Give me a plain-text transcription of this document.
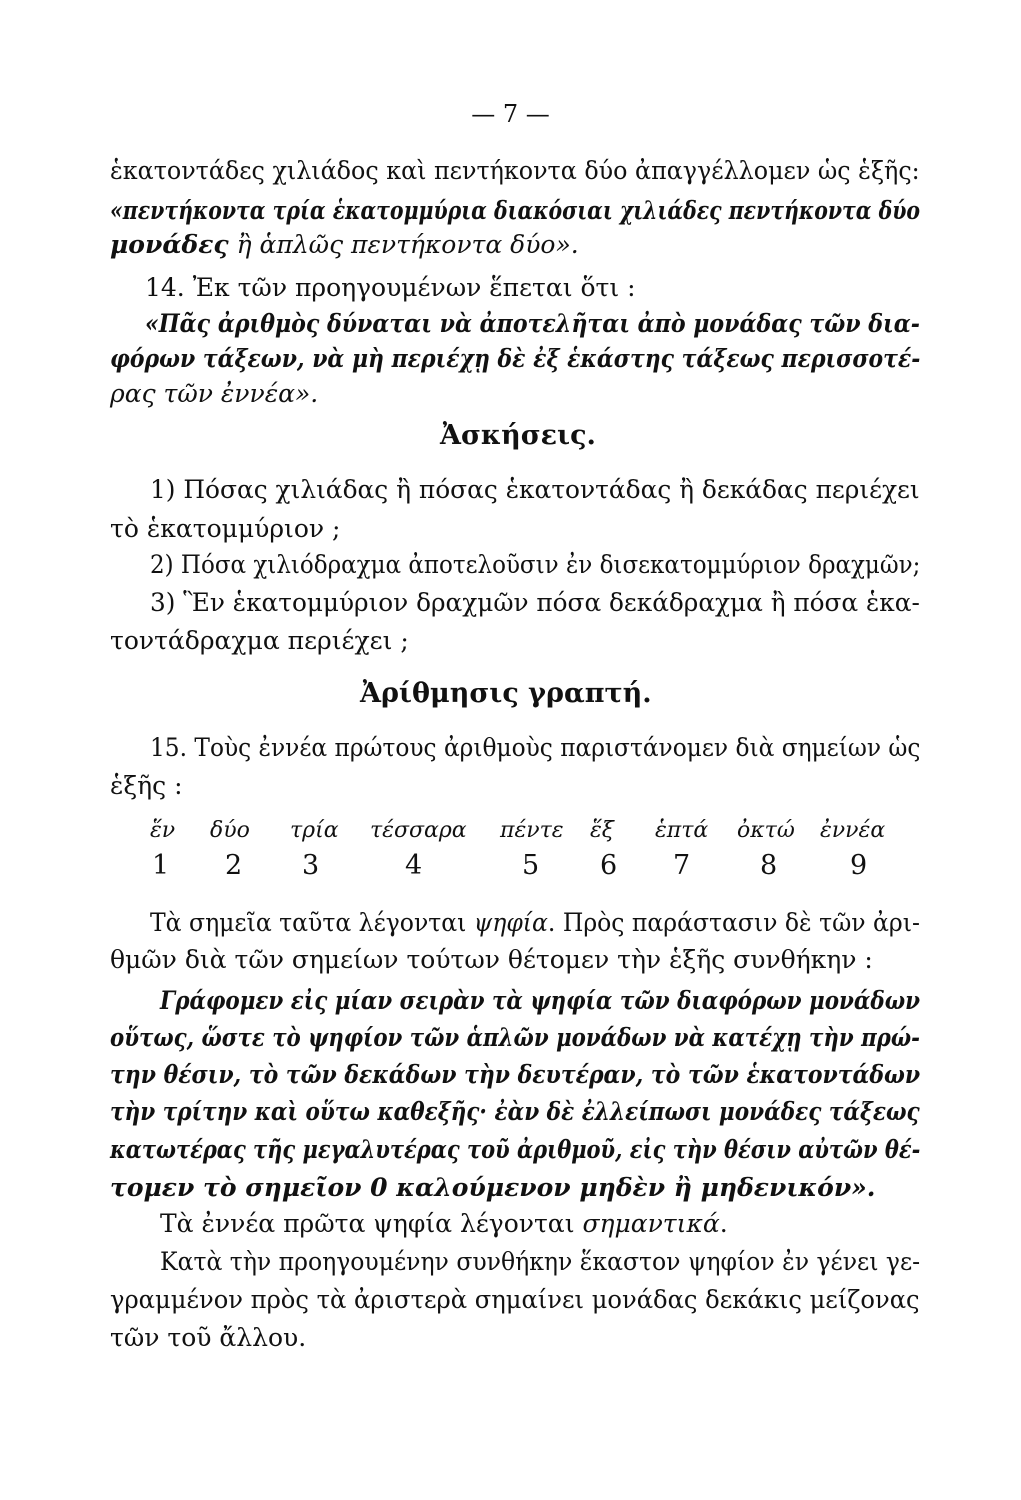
— 7 —
ἑκατοντάδες χιλιάδος καὶ πεντήκοντα δύο ἀπαγγέλλομεν ὡς ἑξῆς:
«πεντήκοντα τρία ἑκατομμύρια διακόσιαι χιλιάδες πεντήκοντα δύο
μονάδες ἢ ἁπλῶς πεντήκοντα δύο».
14. Ἐκ τῶν προηγουμένων ἕπεται ὅτι :
«Πᾶς ἀριθμὸς δύναται νὰ ἀποτελῆται ἀπὸ μονάδας τῶν δια-
φόρων τάξεων, νὰ μὴ περιέχῃ δὲ ἐξ ἑκάστης τάξεως περισσοτέ-
ρας τῶν ἐννέα».
Ἀσκήσεις.
1) Πόσας χιλιάδας ἢ πόσας ἑκατοντάδας ἢ δεκάδας περιέχει
τὸ ἑκατομμύριον ;
2) Πόσα χιλιόδραχμα ἀποτελοῦσιν ἐν δισεκατομμύριον δραχμῶν;
3) Ἓν ἑκατομμύριον δραχμῶν πόσα δεκάδραχμα ἢ πόσα ἑκα-
τοντάδραχμα περιέχει ;
Ἀρίθμησις γραπτή.
15. Τοὺς ἐννέα πρώτους ἀριθμοὺς παριστάνομεν διὰ σημείων ὡς
ἑξῆς :
ἕν δύο τρία τέσσαρα πέντε ἕξ ἑπτά ὀκτώ ἐννέα
1 2 3	4	5 6 7	8	9
Τὰ σημεῖα ταῦτα λέγονται ψηφία. Πρὸς παράστασιν δὲ τῶν ἀρι-
θμῶν διὰ τῶν σημείων τούτων θέτομεν τὴν ἑξῆς συνθήκην :
Γράφομεν εἰς μίαν σειρὰν τὰ ψηφία τῶν διαφόρων μονάδων
οὕτως, ὥστε τὸ ψηφίον τῶν ἁπλῶν μονάδων νὰ κατέχῃ τὴν πρώ-
την θέσιν, τὸ τῶν δεκάδων τὴν δευτέραν, τὸ τῶν ἑκατοντάδων
τὴν τρίτην καὶ οὕτω καθεξῆς· ἐὰν δὲ ἐλλείπωσι μονάδες τάξεως
κατωτέρας τῆς μεγαλυτέρας τοῦ ἀριθμοῦ, εἰς τὴν θέσιν αὐτῶν θέ-
τομεν τὸ σημεῖον 0 καλούμενον μηδὲν ἢ μηδενικόν».
Τὰ ἐννέα πρῶτα ψηφία λέγονται σημαντικά.
Κατὰ τὴν προηγουμένην συνθήκην ἕκαστον ψηφίον ἐν γένει γε-
γραμμένον πρὸς τὰ ἀριστερὰ σημαίνει μονάδας δεκάκις μείζονας
τῶν τοῦ ἄλλου.
